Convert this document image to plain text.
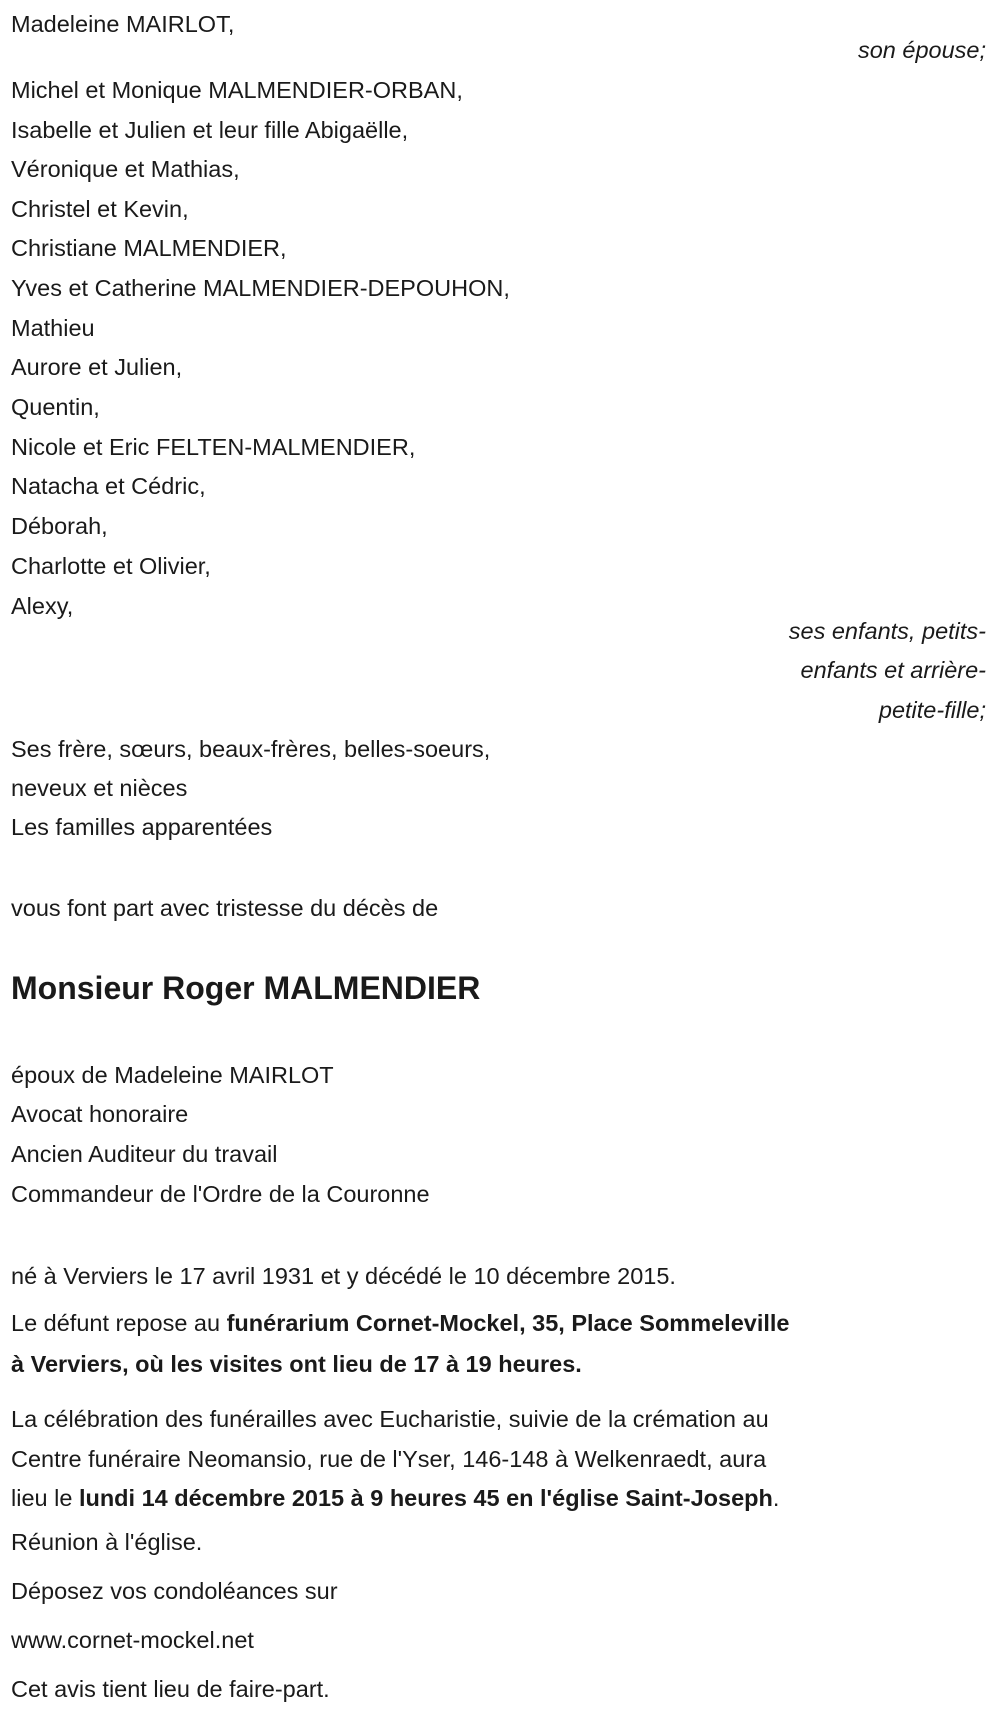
Madeleine MAIRLOT,
son épouse;
Michel et Monique MALMENDIER-ORBAN,
Isabelle et Julien et leur fille Abigaëlle,
Véronique et Mathias,
Christel et Kevin,
Christiane MALMENDIER,
Yves et Catherine MALMENDIER-DEPOUHON,
Mathieu
Aurore et Julien,
Quentin,
Nicole et Eric FELTEN-MALMENDIER,
Natacha et Cédric,
Déborah,
Charlotte et Olivier,
Alexy,
ses enfants, petits-
enfants et arrière-
petite-fille;
Ses frère, sœurs, beaux-frères, belles-soeurs,
neveux et nièces
Les familles apparentées
vous font part avec tristesse du décès de
Monsieur Roger MALMENDIER
époux de Madeleine MAIRLOT
Avocat honoraire
Ancien Auditeur du travail
Commandeur de l'Ordre de la Couronne
né à Verviers le 17 avril 1931 et y décédé le 10 décembre 2015.
Le défunt repose au funérarium Cornet-Mockel, 35, Place Sommeleville
à Verviers, où les visites ont lieu de 17 à 19 heures.
La célébration des funérailles avec Eucharistie, suivie de la crémation au
Centre funéraire Neomansio, rue de l'Yser, 146-148 à Welkenraedt, aura
lieu le lundi 14 décembre 2015 à 9 heures 45 en l'église Saint-Joseph.
Réunion à l'église.
Déposez vos condoléances sur
www.cornet-mockel.net
Cet avis tient lieu de faire-part.
